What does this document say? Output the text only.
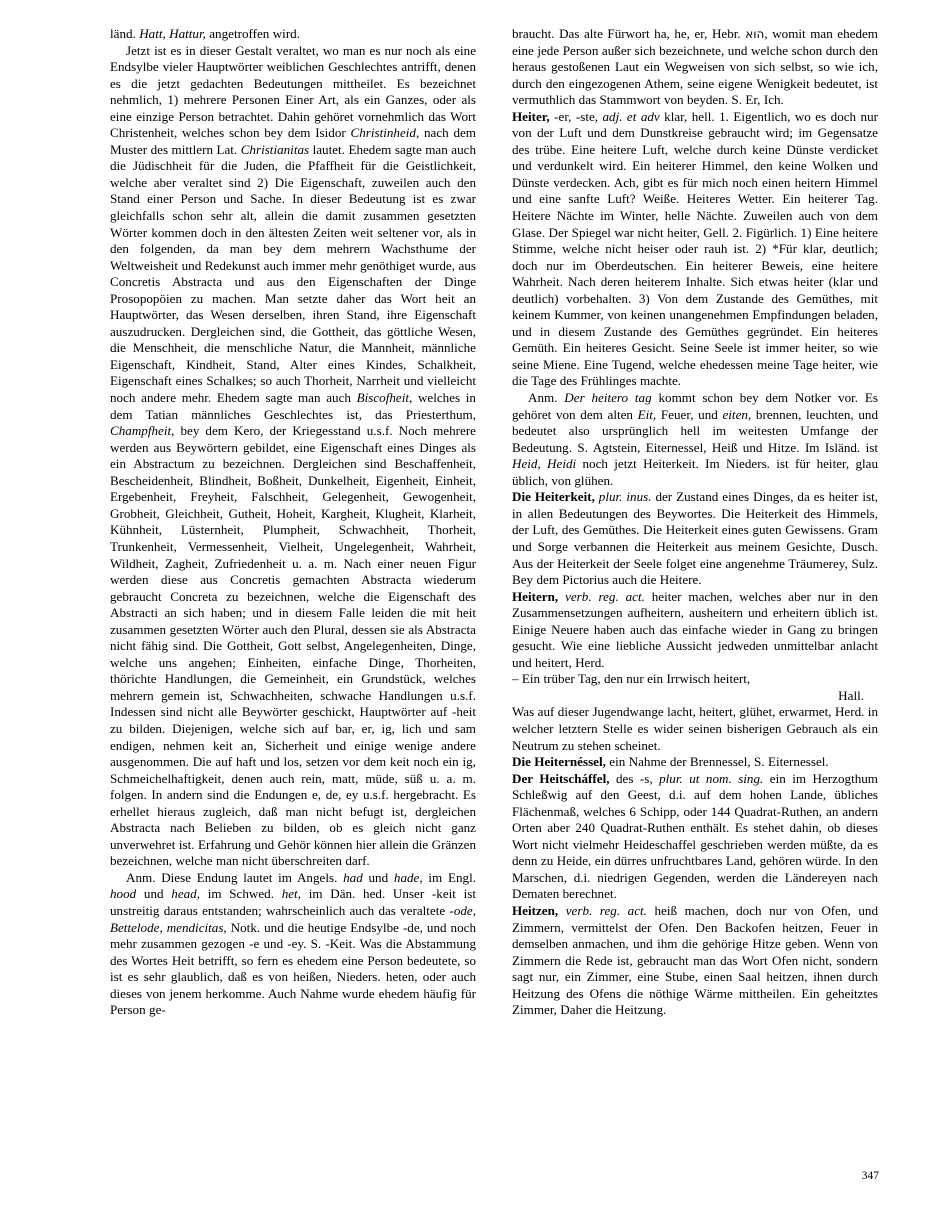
länd. Hatt, Hattur, angetroffen wird.

Jetzt ist es in dieser Gestalt veraltet, wo man es nur noch als eine Endsylbe vieler Hauptwörter weiblichen Geschlechtes antrifft, denen es die jetzt gedachten Bedeutungen mittheilet. Es bezeichnet nehmlich, 1) mehrere Personen Einer Art, als ein Ganzes, oder als eine einzige Person betrachtet. Dahin gehöret vornehmlich das Wort Christenheit, welches schon bey dem Isidor Christinheid, nach dem Muster des mittlern Lat. Christianitas lautet. Ehedem sagte man auch die Jüdischheit für die Juden, die Pfaffheit für die Geistlichkeit, welche aber veraltet sind 2) Die Eigenschaft, zuweilen auch den Stand einer Person und Sache. In dieser Bedeutung ist es zwar gleichfalls schon sehr alt, allein die damit zusammen gesetzten Wörter kommen doch in den ältesten Zeiten weit seltener vor, als in den folgenden, da man bey dem mehrern Wachsthume der Weltweisheit und Redekunst auch immer mehr genöthiget wurde, aus Concretis Abstracta und aus den Eigenschaften der Dinge Prosopopöien zu machen. Man setzte daher das Wort heit an Hauptwörter, das Wesen derselben, ihren Stand, ihre Eigenschaft auszudrucken. Dergleichen sind, die Gottheit, das göttliche Wesen, die Menschheit, die menschliche Natur, die Mannheit, männliche Eigenschaft, Kindheit, Stand, Alter eines Kindes, Schalkheit, Eigenschaft eines Schalkes; so auch Thorheit, Narrheit und vielleicht noch andere mehr. Ehedem sagte man auch Biscofheit, welches in dem Tatian männliches Geschlechtes ist, das Priesterthum, Champfheit, bey dem Kero, der Kriegesstand u.s.f. Noch mehrere werden aus Beywörtern gebildet, eine Eigenschaft eines Dinges als ein Abstractum zu bezeichnen. Dergleichen sind Beschaffenheit, Bescheidenheit, Blindheit, Boßheit, Dunkelheit, Eigenheit, Einheit, Ergebenheit, Freyheit, Falschheit, Gelegenheit, Gewogenheit, Grobheit, Gleichheit, Gutheit, Hoheit, Kargheit, Klugheit, Klarheit, Kühnheit, Lüsternheit, Plumpheit, Schwachheit, Thorheit, Trunkenheit, Vermessenheit, Vielheit, Ungelegenheit, Wahrheit, Wildheit, Zagheit, Zufriedenheit u. a. m. Nach einer neuen Figur werden diese aus Concretis gemachten Abstracta wiederum gebraucht Concreta zu bezeichnen, welche die Eigenschaft des Abstracti an sich haben; und in diesem Falle leiden die mit heit zusammen gesetzten Wörter auch den Plural, dessen sie als Abstracta nicht fähig sind. Die Gottheit, Gott selbst, Angelegenheiten, Dinge, welche uns angehen; Einheiten, einfache Dinge, Thorheiten, thörichte Handlungen, die Gemeinheit, ein Grundstück, welches mehrern gemein ist, Schwachheiten, schwache Handlungen u.s.f. Indessen sind nicht alle Beywörter geschickt, Hauptwörter auf -heit zu bilden. Diejenigen, welche sich auf bar, er, ig, lich und sam endigen, nehmen keit an, Sicherheit und einige wenige andere ausgenommen. Die auf haft und los, setzen vor dem keit noch ein ig, Schmeichelhaftigkeit, denen auch rein, matt, müde, süß u. a. m. folgen. In andern sind die Endungen e, de, ey u.s.f. hergebracht. Es erhellet hieraus zugleich, daß man nicht befugt ist, dergleichen Abstracta nach Belieben zu bilden, ob es gleich nicht ganz unverwehret ist. Erfahrung und Gehör können hier allein die Gränzen bezeichnen, welche man nicht überschreiten darf.

Anm. Diese Endung lautet im Angels. had und hade, im Engl. hood und head, im Schwed. het, im Dän. hed. Unser -keit ist unstreitig daraus entstanden; wahrscheinlich auch das veraltete -ode, Bettelode, mendicitas, Notk. und die heutige Endsylbe -de, und noch mehr zusammen gezogen -e und -ey. S. -Keit. Was die Abstammung des Wortes Heit betrifft, so fern es ehedem eine Person bedeutete, so ist es sehr glaublich, daß es von heißen, Nieders. heten, oder auch dieses von jenem herkomme. Auch Nahme wurde ehedem häufig für Person ge-

braucht. Das alte Fürwort ha, he, er, Hebr. הוא, womit man ehedem eine jede Person außer sich bezeichnete, und welche schon durch den heraus gestoßenen Laut ein Wegweisen von sich selbst, so wie ich, durch den eingezogenen Athem, seine eigene Wenigkeit bedeutet, ist vermuthlich das Stammwort von beyden. S. Er, Ich.

Heiter, -er, -ste, adj. et adv klar, hell. 1. Eigentlich, wo es doch nur von der Luft und dem Dunstkreise gebraucht wird; im Gegensatze des trübe. Eine heitere Luft, welche durch keine Dünste verdicket und verdunkelt wird. Ein heiterer Himmel, den keine Wolken und Dünste verdecken. Ach, gibt es für mich noch einen heitern Himmel und eine sanfte Luft? Weiße. Heiteres Wetter. Ein heiterer Tag. Heitere Nächte im Winter, helle Nächte. Zuweilen auch von dem Glase. Der Spiegel war nicht heiter, Gell. 2. Figürlich. 1) Eine heitere Stimme, welche nicht heiser oder rauh ist. 2) *Für klar, deutlich; doch nur im Oberdeutschen. Ein heiterer Beweis, eine heitere Wahrheit. Nach deren heiterem Inhalte. Sich etwas heiter (klar und deutlich) vorbehalten. 3) Von dem Zustande des Gemüthes, mit keinem Kummer, von keinen unangenehmen Empfindungen beladen, und in diesem Zustande des Gemüthes gegründet. Ein heiteres Gemüth. Ein heiteres Gesicht. Seine Seele ist immer heiter, so wie seine Miene. Eine Tugend, welche ehedessen meine Tage heiter, wie die Tage des Frühlinges machte.

Anm. Der heitero tag kommt schon bey dem Notker vor. Es gehöret von dem alten Eit, Feuer, und eiten, brennen, leuchten, und bedeutet also ursprünglich hell im weitesten Umfange der Bedeutung. S. Agtstein, Eiternessel, Heiß und Hitze. Im Isländ. ist Heid, Heidi noch jetzt Heiterkeit. Im Nieders. ist für heiter, glau üblich, von glühen.

Die Heiterkeit, plur. inus. der Zustand eines Dinges, da es heiter ist, in allen Bedeutungen des Beywortes. Die Heiterkeit des Himmels, der Luft, des Gemüthes. Die Heiterkeit eines guten Gewissens. Gram und Sorge verbannen die Heiterkeit aus meinem Gesichte, Dusch. Aus der Heiterkeit der Seele folget eine angenehme Träumerey, Sulz. Bey dem Pictorius auch die Heitere.

Heitern, verb. reg. act. heiter machen, welches aber nur in den Zusammensetzungen aufheitern, ausheitern und erheitern üblich ist. Einige Neuere haben auch das einfache wieder in Gang zu bringen gesucht. Wie eine liebliche Aussicht jedweden unmittelbar anlacht und heitert, Herd.

– Ein trüber Tag, den nur ein Irrwisch heitert,

Hall.

Was auf dieser Jugendwange lacht, heitert, glühet, erwarmet, Herd. in welcher letztern Stelle es wider seinen bisherigen Gebrauch als ein Neutrum zu stehen scheinet.

Die Heiternéssel, ein Nahme der Brennessel, S. Eiternessel.

Der Heitscháffel, des -s, plur. ut nom. sing. ein im Herzogthum Schleßwig auf den Geest, d.i. auf dem hohen Lande, übliches Flächenmaß, welches 6 Schipp, oder 144 Quadrat-Ruthen, an andern Orten aber 240 Quadrat-Ruthen enthält. Es stehet dahin, ob dieses Wort nicht vielmehr Heideschaffel geschrieben werden müßte, da es denn zu Heide, ein dürres unfruchtbares Land, gehören würde. In den Marschen, d.i. niedrigen Gegenden, werden die Ländereyen nach Dematen berechnet.

Heitzen, verb. reg. act. heiß machen, doch nur von Ofen, und Zimmern, vermittelst der Ofen. Den Backofen heitzen, Feuer in demselben anmachen, und ihm die gehörige Hitze geben. Wenn von Zimmern die Rede ist, gebraucht man das Wort Ofen nicht, sondern sagt nur, ein Zimmer, eine Stube, einen Saal heitzen, ihnen durch Heitzung des Ofens die nöthige Wärme mittheilen. Ein geheitztes Zimmer, Daher die Heitzung.

347
